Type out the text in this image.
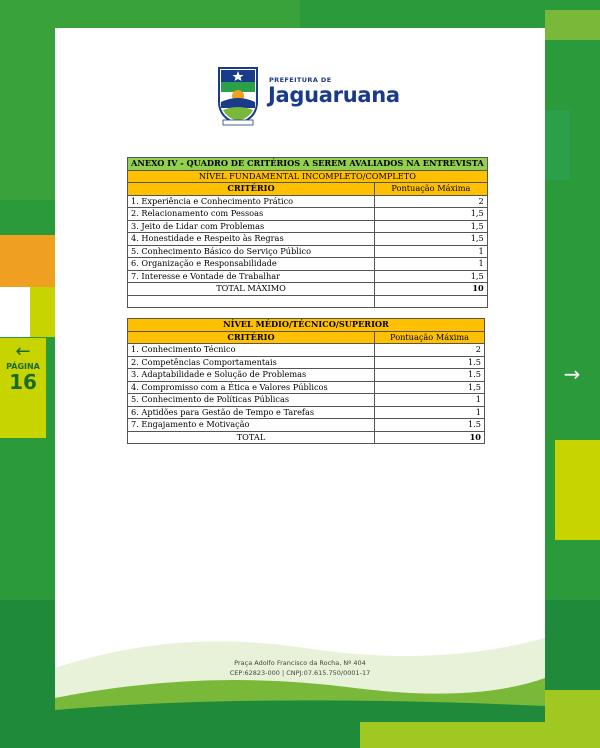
PREFEITURA DE
Jaguaruana
ANEXO IV - QUADRO DE CRITÉRIOS A SEREM AVALIADOS NA ENTREVISTA	
NÍVEL FUNDAMENTAL INCOMPLETO/COMPLETO	
CRITÉRIO	Pontuação Máxima
1. Experiência e Conhecimento Prático	2
2. Relacionamento com Pessoas	1,5
3. Jeito de Lidar com Problemas	1,5
4. Honestidade e Respeito às Regras	1,5
5. Conhecimento Básico do Serviço Público	1
6. Organização e Responsabilidade	1
7. Interesse e Vontade de Trabalhar	1,5
TOTAL MÁXIMO	10

NÍVEL MÉDIO/TÉCNICO/SUPERIOR	
CRITÉRIO	Pontuação Máxima
1. Conhecimento Técnico	2
2. Competências Comportamentais	1.5
3. Adaptabilidade e Solução de Problemas	1.5
4. Compromisso com a Ética e Valores Públicos	1,5
5. Conhecimento de Políticas Públicas	1
6. Aptidões para Gestão de Tempo e Tarefas	1
7. Engajamento e Motivação	1.5
TOTAL	10
Praça Adolfo Francisco da Rocha, Nº 404
CEP:62823-000 | CNPJ:07.615.750/0001-17
←
PÁGINA
16	→
